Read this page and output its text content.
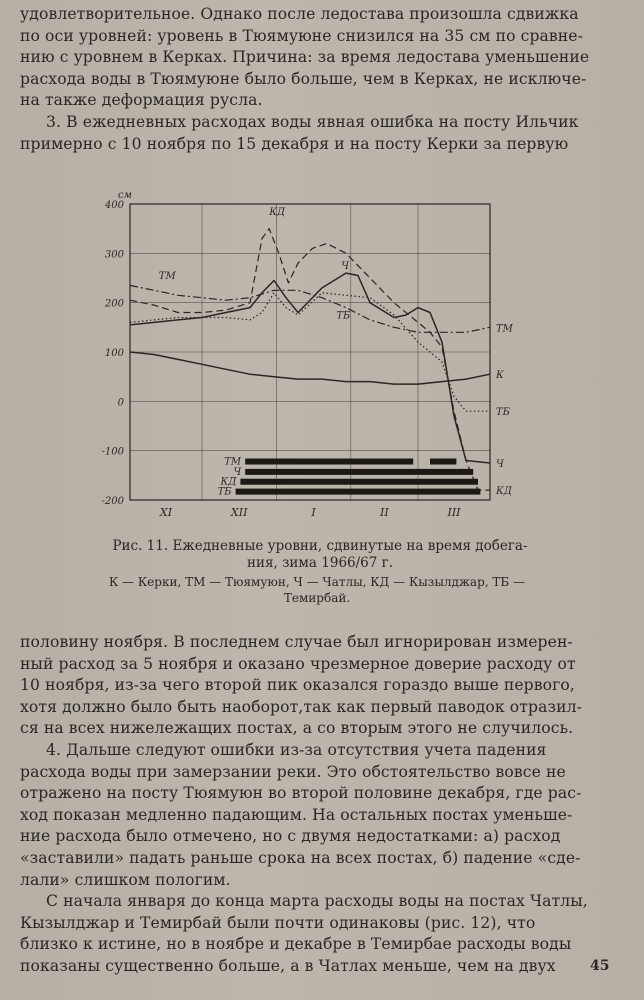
удовлетворительное. Однако после ледостава произошла сдвижка

по оси уровней: уровень в Тюямуюне снизился на 35 см по сравне-

нию с уровнем в Керках. Причина: за время ледостава уменьшение

расхода воды в Тюямуюне было больше, чем в Керках, не исключе-

на также деформация русла.

3. В ежедневных расходах воды явная ошибка на посту Ильчик

примерно с 10 ноября по 15 декабря и на посту Керки за первую

400
300
200
100
0
-100
-200
см
XI	XII	I	II	III
К
ТМ
Ч
КД
ТБ
ТМ
КД
Ч
ТБ
ТМ
Ч
КД
ТБ
Рис. 11. Ежедневные уровни, сдвинутые на время добега-
ния, зима 1966/67 г.
К — Керки, ТМ — Тюямуюн, Ч — Чатлы, КД — Кызылджар, ТБ —
Темирбай.

половину ноября. В последнем случае был игнорирован измерен-

ный расход за 5 ноября и оказано чрезмерное доверие расходу от

10 ноября, из-за чего второй пик оказался гораздо выше первого,

хотя должно было быть наоборот,так как первый паводок отразил-

ся на всех нижележащих постах, а со вторым этого не случилось.

4. Дальше следуют ошибки из-за отсутствия учета падения

расхода воды при замерзании реки. Это обстоятельство вовсе не

отражено на посту Тюямуюн во второй половине декабря, где рас-

ход показан медленно падающим. На остальных постах уменьше-

ние расхода было отмечено, но с двумя недостатками: а) расход

«заставили» падать раньше срока на всех постах, б) падение «сде-

лали» слишком пологим.

С начала января до конца марта расходы воды на постах Чатлы,

Кызылджар и Темирбай были почти одинаковы (рис. 12), что

близко к истине, но в ноябре и декабре в Темирбае расходы воды

показаны существенно больше, а в Чатлах меньше, чем на двух	45
